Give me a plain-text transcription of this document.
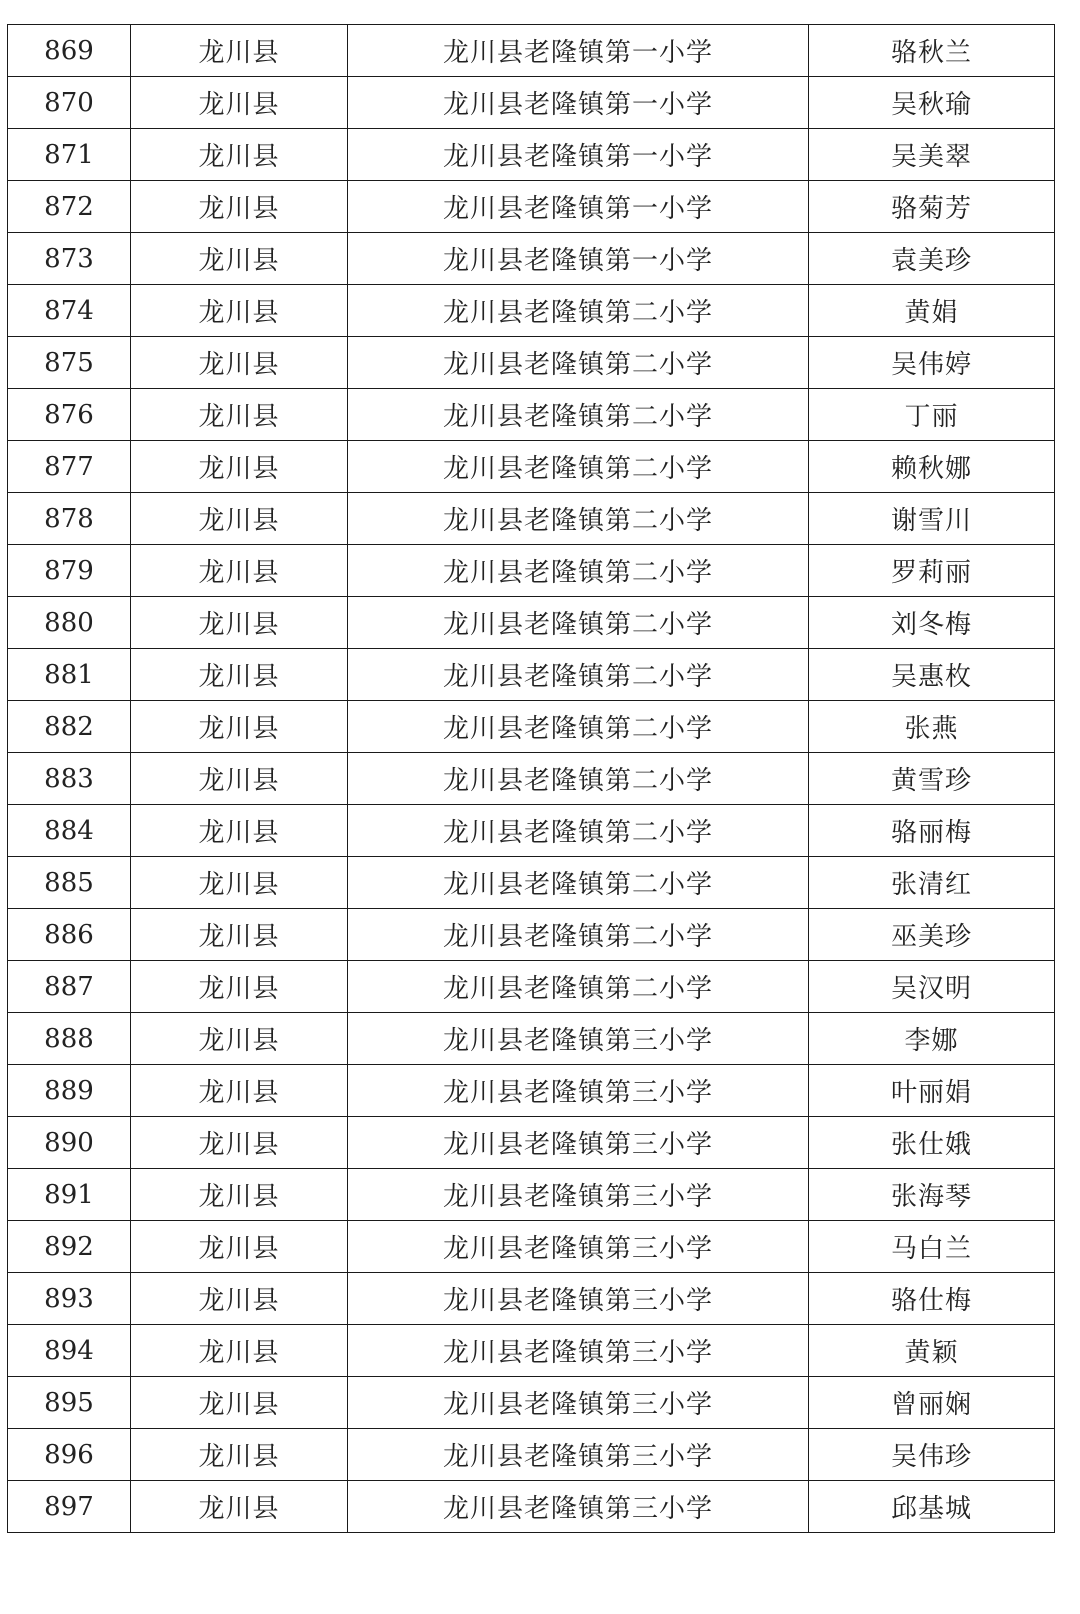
869	龙川县	龙川县老隆镇第一小学	骆秋兰
870	龙川县	龙川县老隆镇第一小学	吴秋瑜
871	龙川县	龙川县老隆镇第一小学	吴美翠
872	龙川县	龙川县老隆镇第一小学	骆菊芳
873	龙川县	龙川县老隆镇第一小学	袁美珍
874	龙川县	龙川县老隆镇第二小学	黄娟
875	龙川县	龙川县老隆镇第二小学	吴伟婷
876	龙川县	龙川县老隆镇第二小学	丁丽
877	龙川县	龙川县老隆镇第二小学	赖秋娜
878	龙川县	龙川县老隆镇第二小学	谢雪川
879	龙川县	龙川县老隆镇第二小学	罗莉丽
880	龙川县	龙川县老隆镇第二小学	刘冬梅
881	龙川县	龙川县老隆镇第二小学	吴惠枚
882	龙川县	龙川县老隆镇第二小学	张燕
883	龙川县	龙川县老隆镇第二小学	黄雪珍
884	龙川县	龙川县老隆镇第二小学	骆丽梅
885	龙川县	龙川县老隆镇第二小学	张清红
886	龙川县	龙川县老隆镇第二小学	巫美珍
887	龙川县	龙川县老隆镇第二小学	吴汉明
888	龙川县	龙川县老隆镇第三小学	李娜
889	龙川县	龙川县老隆镇第三小学	叶丽娟
890	龙川县	龙川县老隆镇第三小学	张仕娥
891	龙川县	龙川县老隆镇第三小学	张海琴
892	龙川县	龙川县老隆镇第三小学	马白兰
893	龙川县	龙川县老隆镇第三小学	骆仕梅
894	龙川县	龙川县老隆镇第三小学	黄颖
895	龙川县	龙川县老隆镇第三小学	曾丽娴
896	龙川县	龙川县老隆镇第三小学	吴伟珍
897	龙川县	龙川县老隆镇第三小学	邱基城
